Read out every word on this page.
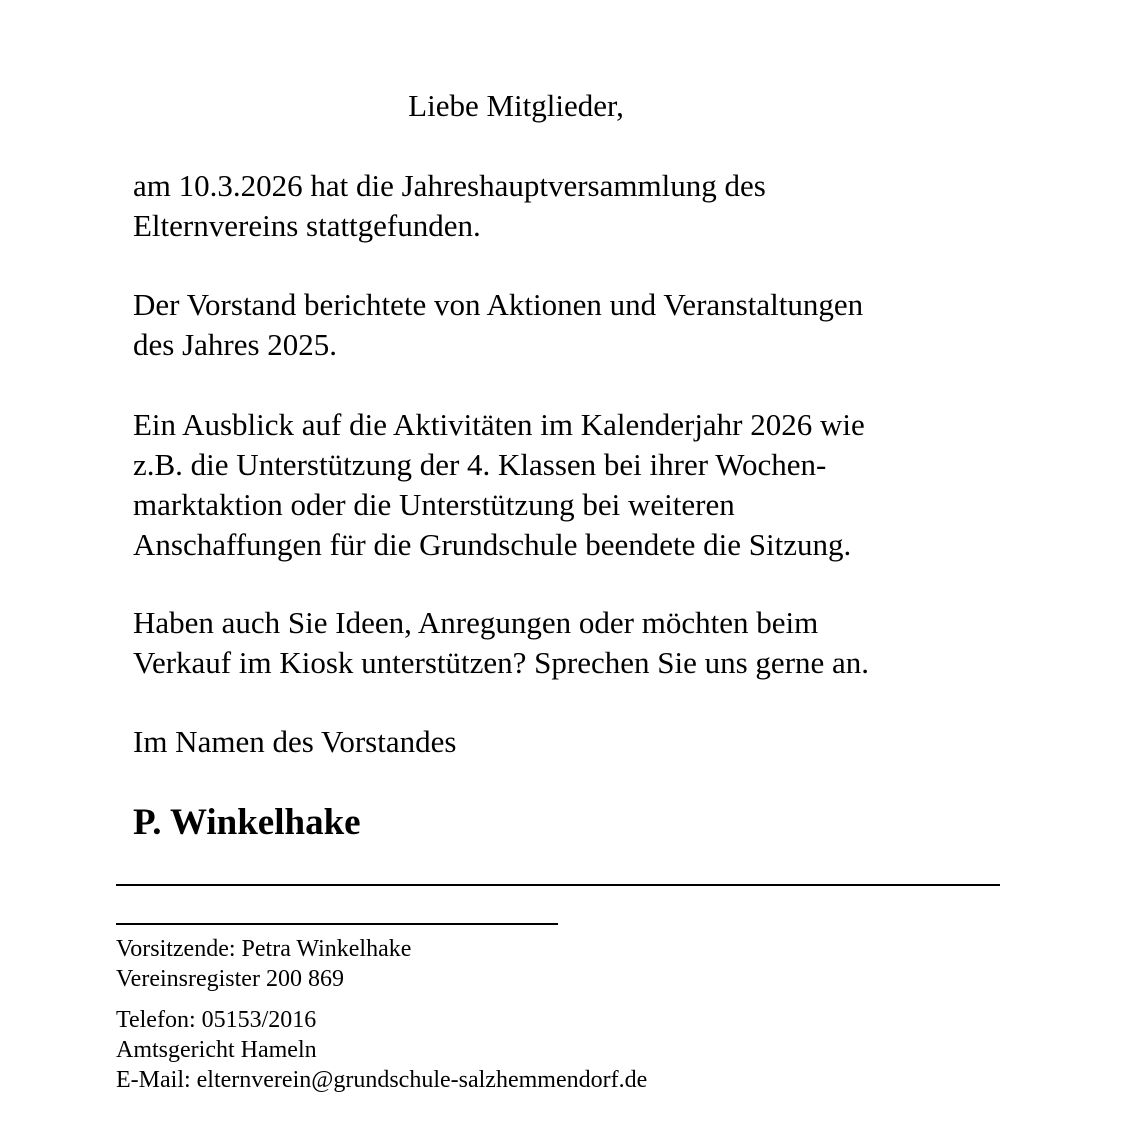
Liebe Mitglieder,
am 10.3.2026 hat die Jahreshauptversammlung des
Elternvereins stattgefunden.
Der Vorstand berichtete von Aktionen und Veranstaltungen
des Jahres 2025.
Ein Ausblick auf die Aktivitäten im Kalenderjahr 2026 wie
z.B. die Unterstützung der 4. Klassen bei ihrer Wochen-
marktaktion oder die Unterstützung bei weiteren
Anschaffungen für die Grundschule beendete die Sitzung.
Haben auch Sie Ideen, Anregungen oder möchten beim
Verkauf im Kiosk unterstützen? Sprechen Sie uns gerne an.
Im Namen des Vorstandes
P. Winkelhake
Vorsitzende: Petra Winkelhake
Vereinsregister 200 869
Telefon: 05153/2016
Amtsgericht Hameln
E-Mail: elternverein@grundschule-salzhemmendorf.de
